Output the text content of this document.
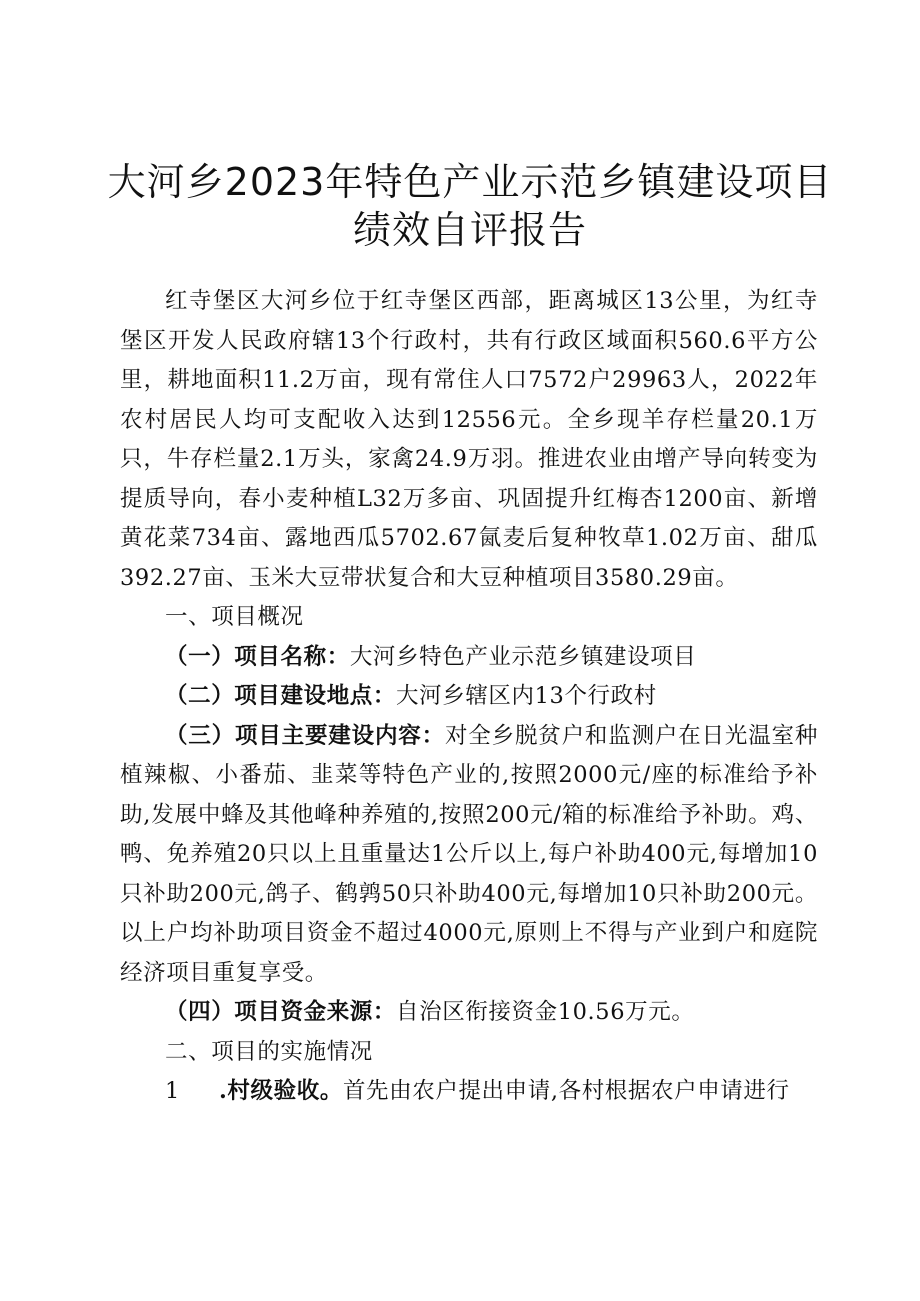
大河乡2023年特色产业示范乡镇建设项目绩效自评报告

红寺堡区大河乡位于红寺堡区西部，距离城区13公里，为红寺堡区开发人民政府辖13个行政村，共有行政区域面积560.6平方公里，耕地面积11.2万亩，现有常住人口7572户29963人，2022年农村居民人均可支配收入达到12556元。全乡现羊存栏量20.1万只，牛存栏量2.1万头，家禽24.9万羽。推进农业由增产导向转变为提质导向，春小麦种植L32万多亩、巩固提升红梅杏1200亩、新增黄花菜734亩、露地西瓜5702.67氤麦后复种牧草1.02万亩、甜瓜392.27亩、玉米大豆带状复合和大豆种植项目3580.29亩。

一、项目概况

（一）项目名称：大河乡特色产业示范乡镇建设项目

（二）项目建设地点：大河乡辖区内13个行政村

（三）项目主要建设内容：对全乡脱贫户和监测户在日光温室种植辣椒、小番茄、韭菜等特色产业的,按照2000元/座的标准给予补助,发展中蜂及其他峰种养殖的,按照200元/箱的标准给予补助。鸡、鸭、免养殖20只以上且重量达1公斤以上,每户补助400元,每增加10只补助200元,鸽子、鹤鹑50只补助400元,每增加10只补助200元。以上户均补助项目资金不超过4000元,原则上不得与产业到户和庭院经济项目重复享受。

（四）项目资金来源：自治区衔接资金10.56万元。

二、项目的实施情况

1 .村级验收。首先由农户提出申请,各村根据农户申请进行
